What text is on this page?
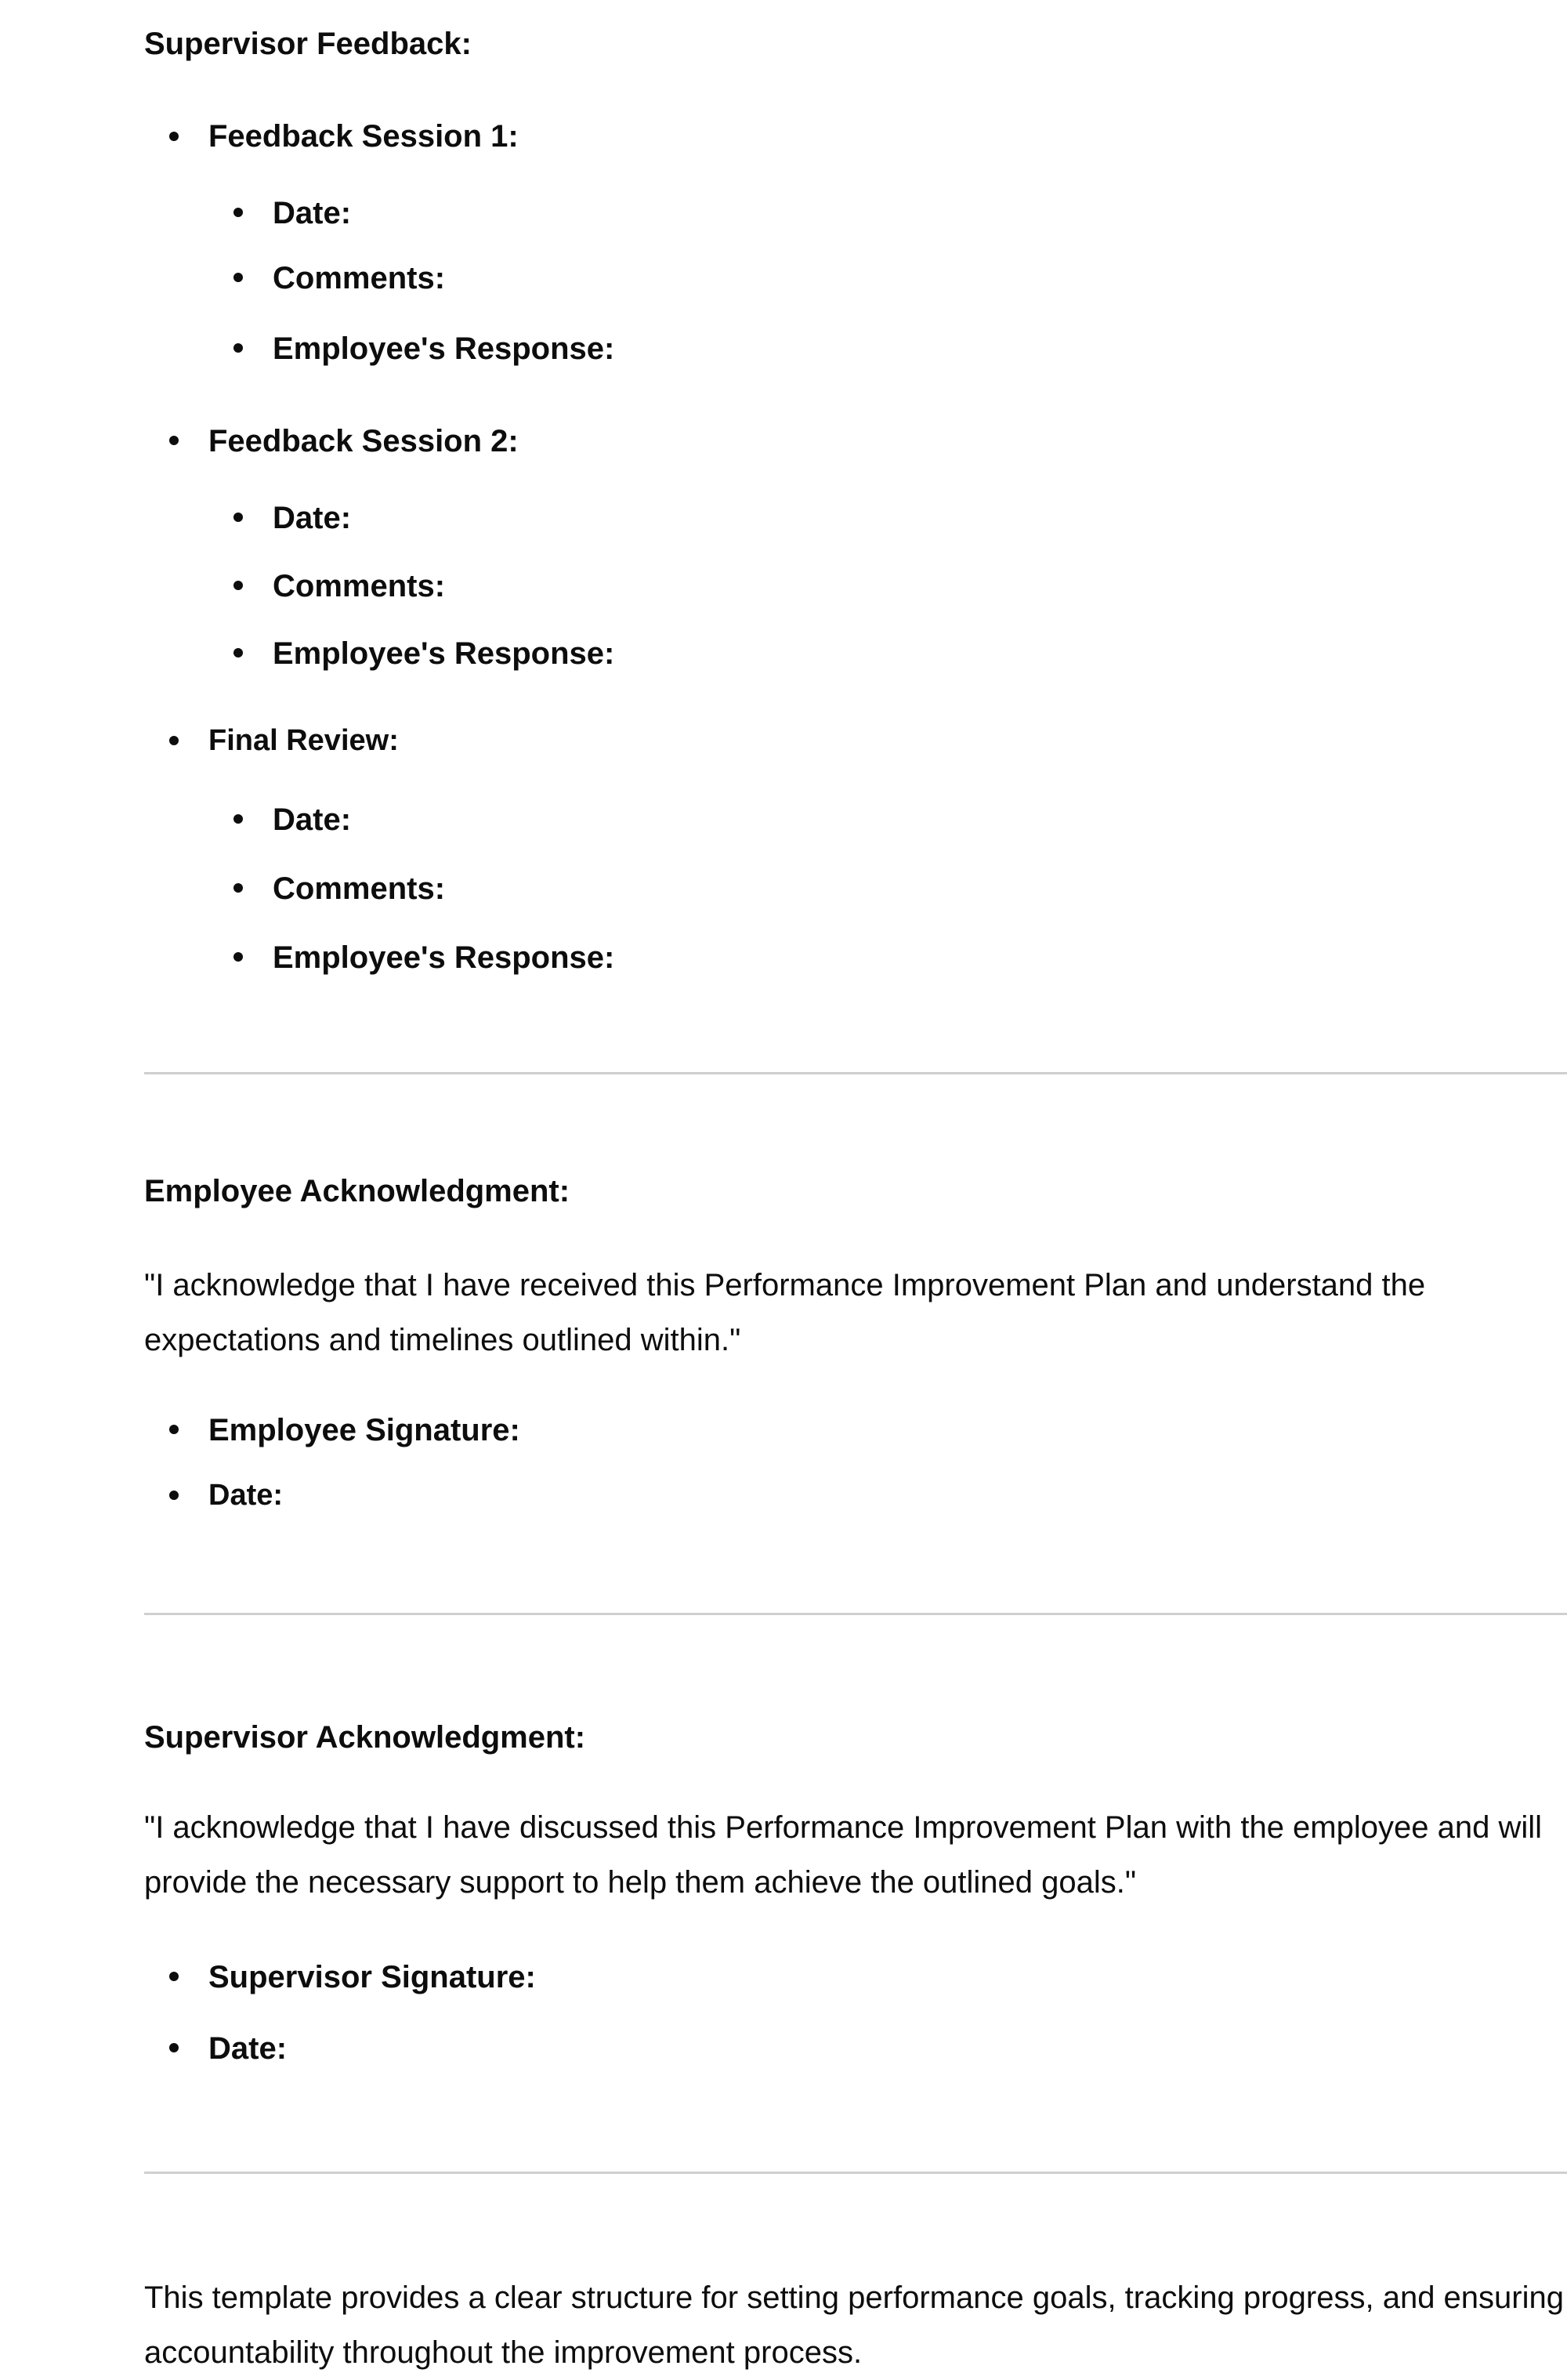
Supervisor Feedback:
Feedback Session 1:
Date:
Comments:
Employee's Response:
Feedback Session 2:
Date:
Comments:
Employee's Response:
Final Review:
Date:
Comments:
Employee's Response:
Employee Acknowledgment:
"I acknowledge that I have received this Performance Improvement Plan and understand the expectations and timelines outlined within."
Employee Signature:
Date:
Supervisor Acknowledgment:
"I acknowledge that I have discussed this Performance Improvement Plan with the employee and will provide the necessary support to help them achieve the outlined goals."
Supervisor Signature:
Date:
This template provides a clear structure for setting performance goals, tracking progress, and ensuring accountability throughout the improvement process.
